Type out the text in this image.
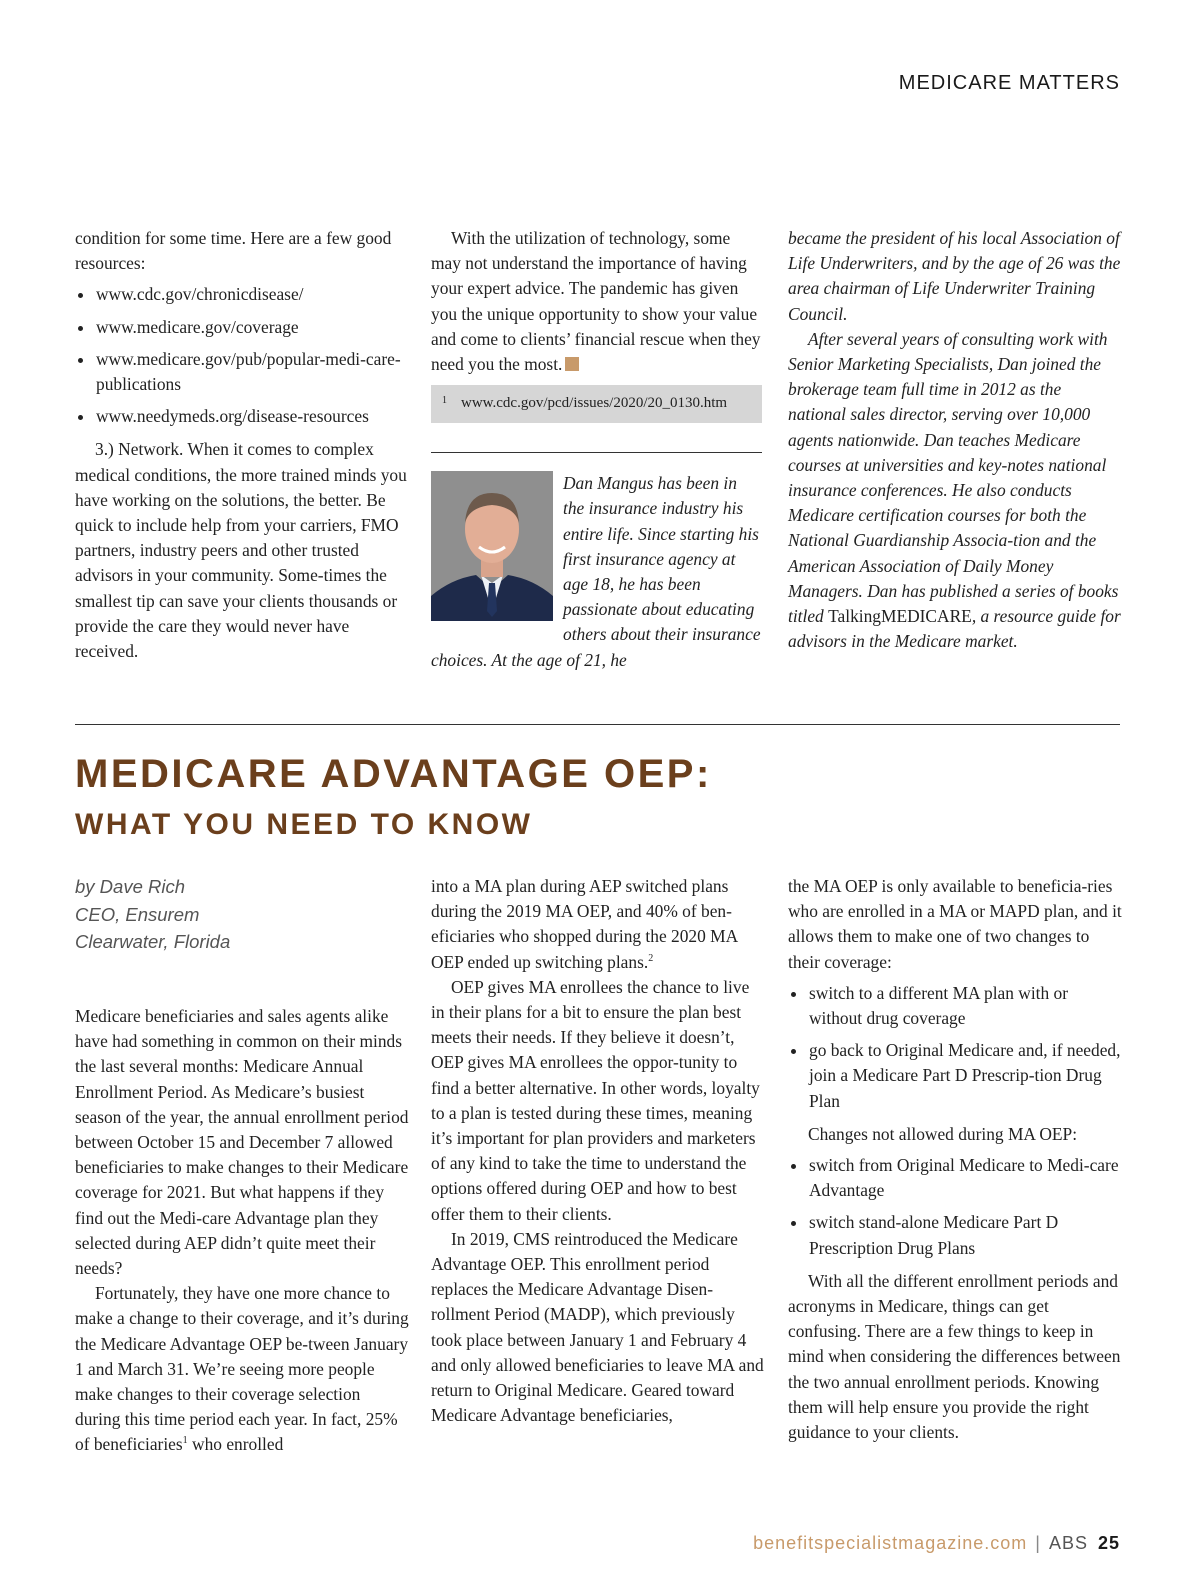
MEDICARE MATTERS

condition for some time. Here are a few good resources:

• www.cdc.gov/chronicdisease/
• www.medicare.gov/coverage
• www.medicare.gov/pub/popular-medi-care-publications
• www.needymeds.org/disease-resources

3.) Network. When it comes to complex medical conditions, the more trained minds you have working on the solutions, the better. Be quick to include help from your carriers, FMO partners, industry peers and other trusted advisors in your community. Some-times the smallest tip can save your clients thousands or provide the care they would never have received.

With the utilization of technology, some may not understand the importance of having your expert advice. The pandemic has given you the unique opportunity to show your value and come to clients’ financial rescue when they need you the most.

1 www.cdc.gov/pcd/issues/2020/20_0130.htm

Dan Mangus has been in the insurance industry his entire life. Since starting his first insurance agency at age 18, he has been passionate about educating others about their insurance choices. At the age of 21, he

became the president of his local Association of Life Underwriters, and by the age of 26 was the area chairman of Life Underwriter Training Council.

After several years of consulting work with Senior Marketing Specialists, Dan joined the brokerage team full time in 2012 as the national sales director, serving over 10,000 agents nationwide. Dan teaches Medicare courses at universities and key-notes national insurance conferences. He also conducts Medicare certification courses for both the National Guardianship Associa-tion and the American Association of Daily Money Managers. Dan has published a series of books titled TalkingMEDICARE, a resource guide for advisors in the Medicare market.

MEDICARE ADVANTAGE OEP:
WHAT YOU NEED TO KNOW
by Dave Rich
CEO, Ensurem
Clearwater, Florida

Medicare beneficiaries and sales agents alike have had something in common on their minds the last several months: Medicare Annual Enrollment Period. As Medicare’s busiest season of the year, the annual enrollment period between October 15 and December 7 allowed beneficiaries to make changes to their Medicare coverage for 2021. But what happens if they find out the Medi-care Advantage plan they selected during AEP didn’t quite meet their needs?

Fortunately, they have one more chance to make a change to their coverage, and it’s during the Medicare Advantage OEP be-tween January 1 and March 31. We’re seeing more people make changes to their coverage selection during this time period each year. In fact, 25% of beneficiaries$^1$ who enrolled

into a MA plan during AEP switched plans during the 2019 MA OEP, and 40% of ben-eficiaries who shopped during the 2020 MA OEP ended up switching plans.$^2$

OEP gives MA enrollees the chance to live in their plans for a bit to ensure the plan best meets their needs. If they believe it doesn’t, OEP gives MA enrollees the oppor-tunity to find a better alternative. In other words, loyalty to a plan is tested during these times, meaning it’s important for plan providers and marketers of any kind to take the time to understand the options offered during OEP and how to best offer them to their clients.

In 2019, CMS reintroduced the Medicare Advantage OEP. This enrollment period replaces the Medicare Advantage Disen-rollment Period (MADP), which previously took place between January 1 and February 4 and only allowed beneficiaries to leave MA and return to Original Medicare. Geared toward Medicare Advantage beneficiaries,

the MA OEP is only available to beneficia-ries who are enrolled in a MA or MAPD plan, and it allows them to make one of two changes to their coverage:

• switch to a different MA plan with or without drug coverage
• go back to Original Medicare and, if needed, join a Medicare Part D Prescrip-tion Drug Plan

Changes not allowed during MA OEP:

• switch from Original Medicare to Medi-care Advantage
• switch stand-alone Medicare Part D Prescription Drug Plans

With all the different enrollment periods and acronyms in Medicare, things can get confusing. There are a few things to keep in mind when considering the differences between the two annual enrollment periods. Knowing them will help ensure you provide the right guidance to your clients.

benefitspecialistmagazine.com | ABS 25
